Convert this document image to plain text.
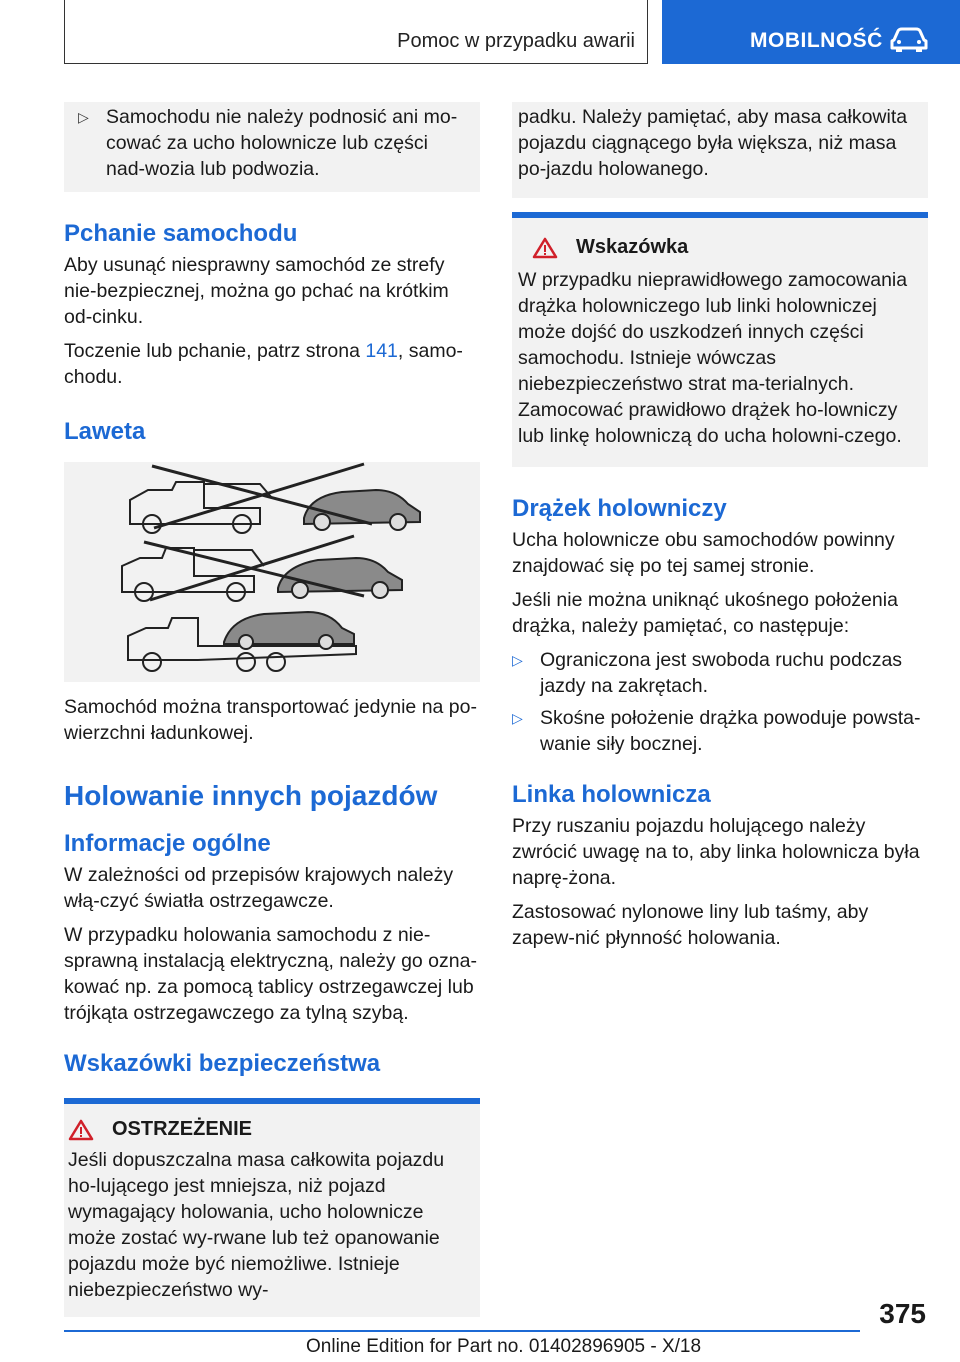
Pomoc w przypadku awarii	MOBILNOŚĆ
▷ Samochodu nie należy podnosić ani mo‐cować za ucho holownicze lub części nad‐wozia lub podwozia.
Pchanie samochodu

Aby usunąć niesprawny samochód ze strefy nie‐bezpiecznej, można go pchać na krótkim od‐cinku.

Toczenie lub pchanie, patrz strona 141, samo‐chodu.

Laweta

Samochód można transportować jedynie na po‐wierzchni ładunkowej.

Holowanie innych pojazdów
Informacje ogólne

W zależności od przepisów krajowych należy włą‐czyć światła ostrzegawcze.

W przypadku holowania samochodu z nie‐sprawną instalacją elektryczną, należy go ozna‐kować np. za pomocą tablicy ostrzegawczej lub trójkąta ostrzegawczego za tylną szybą.

Wskazówki bezpieczeństwa
OSTRZEŻENIE

Jeśli dopuszczalna masa całkowita pojazdu ho‐lującego jest mniejsza, niż pojazd wymagający holowania, ucho holownicze może zostać wy‐rwane lub też opanowanie pojazdu może być niemożliwe. Istnieje niebezpieczeństwo wy‐

padku. Należy pamiętać, aby masa całkowita pojazdu ciągnącego była większa, niż masa po‐jazdu holowanego.

Wskazówka

W przypadku nieprawidłowego zamocowania drążka holowniczego lub linki holowniczej może dojść do uszkodzeń innych części samochodu. Istnieje wówczas niebezpieczeństwo strat ma‐terialnych. Zamocować prawidłowo drążek ho‐lowniczy lub linkę holowniczą do ucha holowni‐czego.

Drążek holowniczy

Ucha holownicze obu samochodów powinny znajdować się po tej samej stronie.

Jeśli nie można uniknąć ukośnego położenia drążka, należy pamiętać, co następuje:

▷ Ograniczona jest swoboda ruchu podczas jazdy na zakrętach.
▷ Skośne położenie drążka powoduje powsta‐wanie siły bocznej.
Linka holownicza

Przy ruszaniu pojazdu holującego należy zwrócić uwagę na to, aby linka holownicza była naprę‐żona.

Zastosować nylonowe liny lub taśmy, aby zapew‐nić płynność holowania.

375
Online Edition for Part no. 01402896905 - X/18
